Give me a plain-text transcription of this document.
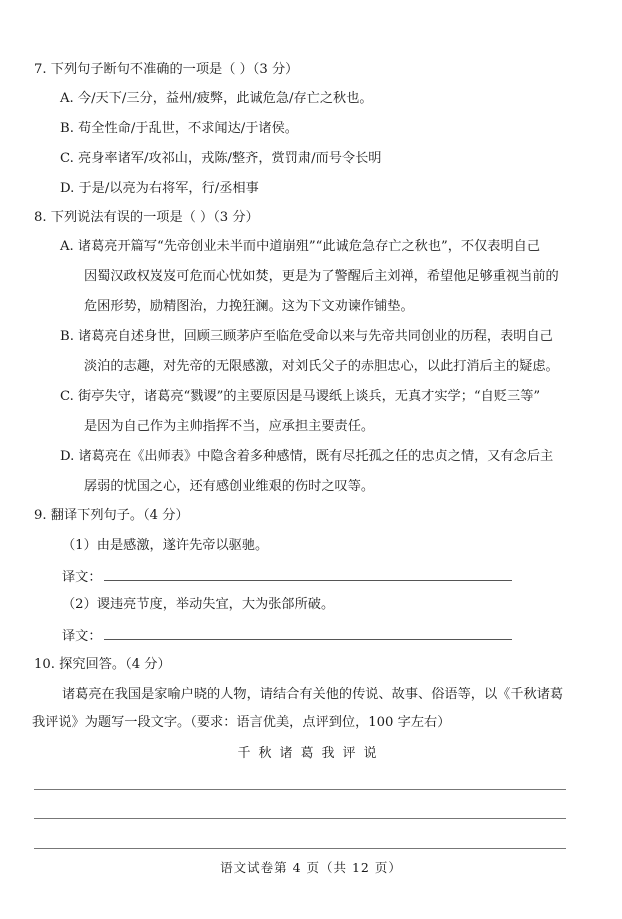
7. 下列句子断句不准确的一项是（ ）（3 分）
A. 今/天下/三分，益州/疲弊，此诚危急/存亡之秋也。
B. 苟全性命/于乱世，不求闻达/于诸侯。
C. 亮身率诸军/攻祁山，戎陈/整齐，赏罚肃/而号令长明
D. 于是/以亮为右将军，行/丞相事
8. 下列说法有误的一项是（ ）（3 分）
A. 诸葛亮开篇写“先帝创业未半而中道崩殂”“此诚危急存亡之秋也”，不仅表明自己
因蜀汉政权岌岌可危而心忧如焚，更是为了警醒后主刘禅，希望他足够重视当前的
危困形势，励精图治，力挽狂澜。这为下文劝谏作铺垫。
B. 诸葛亮自述身世，回顾三顾茅庐至临危受命以来与先帝共同创业的历程，表明自己
淡泊的志趣，对先帝的无限感激，对刘氏父子的赤胆忠心，以此打消后主的疑虑。
C. 街亭失守，诸葛亮“戮谡”的主要原因是马谡纸上谈兵，无真才实学；“自贬三等”
是因为自己作为主帅指挥不当，应承担主要责任。
D. 诸葛亮在《出师表》中隐含着多种感情，既有尽托孤之任的忠贞之情，又有念后主
孱弱的忧国之心，还有感创业维艰的伤时之叹等。
9. 翻译下列句子。（4 分）
（1）由是感激，遂许先帝以驱驰。
译文：
（2）谡违亮节度，举动失宜，大为张郃所破。
译文：
10. 探究回答。（4 分）
诸葛亮在我国是家喻户晓的人物，请结合有关他的传说、故事、俗语等，以《千秋诸葛
我评说》为题写一段文字。（要求：语言优美，点评到位，100 字左右）
千秋诸葛我评说
语文试卷第 4 页（共 12 页）
